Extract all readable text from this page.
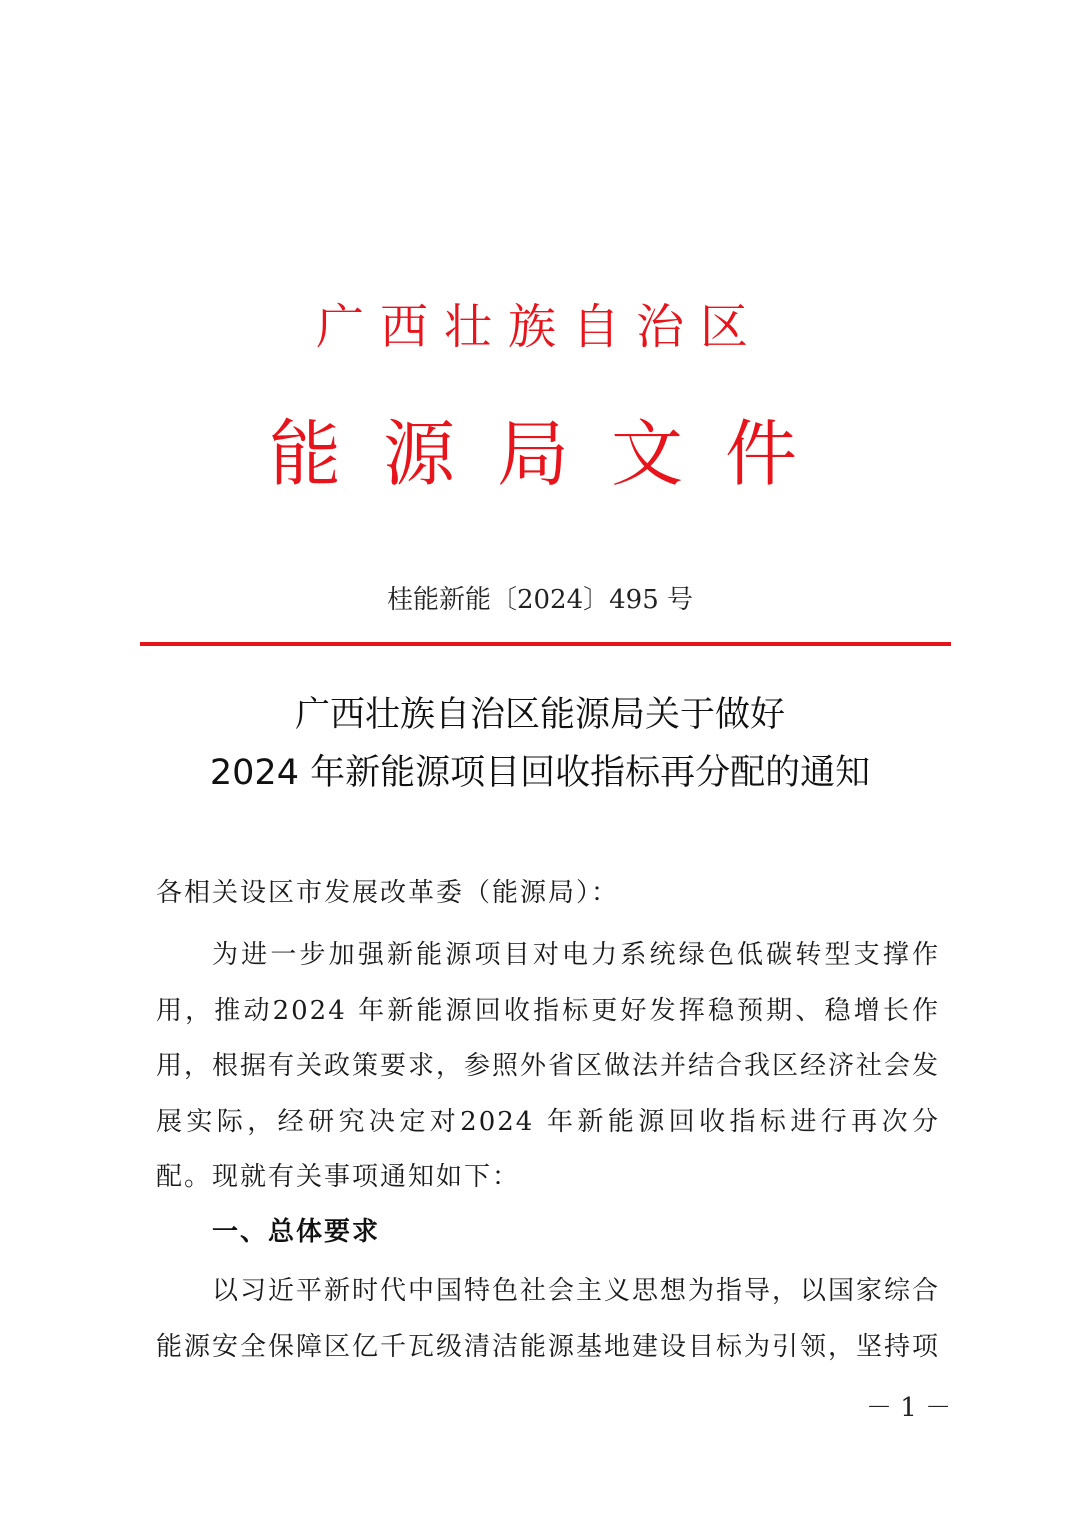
广西壮族自治区
能源局文件
桂能新能〔2024〕495 号
广西壮族自治区能源局关于做好
2024 年新能源项目回收指标再分配的通知
各相关设区市发展改革委（能源局）：
为进一步加强新能源项目对电力系统绿色低碳转型支撑作用，推动2024 年新能源回收指标更好发挥稳预期、稳增长作用，根据有关政策要求，参照外省区做法并结合我区经济社会发展实际，经研究决定对2024 年新能源回收指标进行再次分配。现就有关事项通知如下：
一、总体要求
以习近平新时代中国特色社会主义思想为指导，以国家综合能源安全保障区亿千瓦级清洁能源基地建设目标为引领，坚持项
－ 1 －
